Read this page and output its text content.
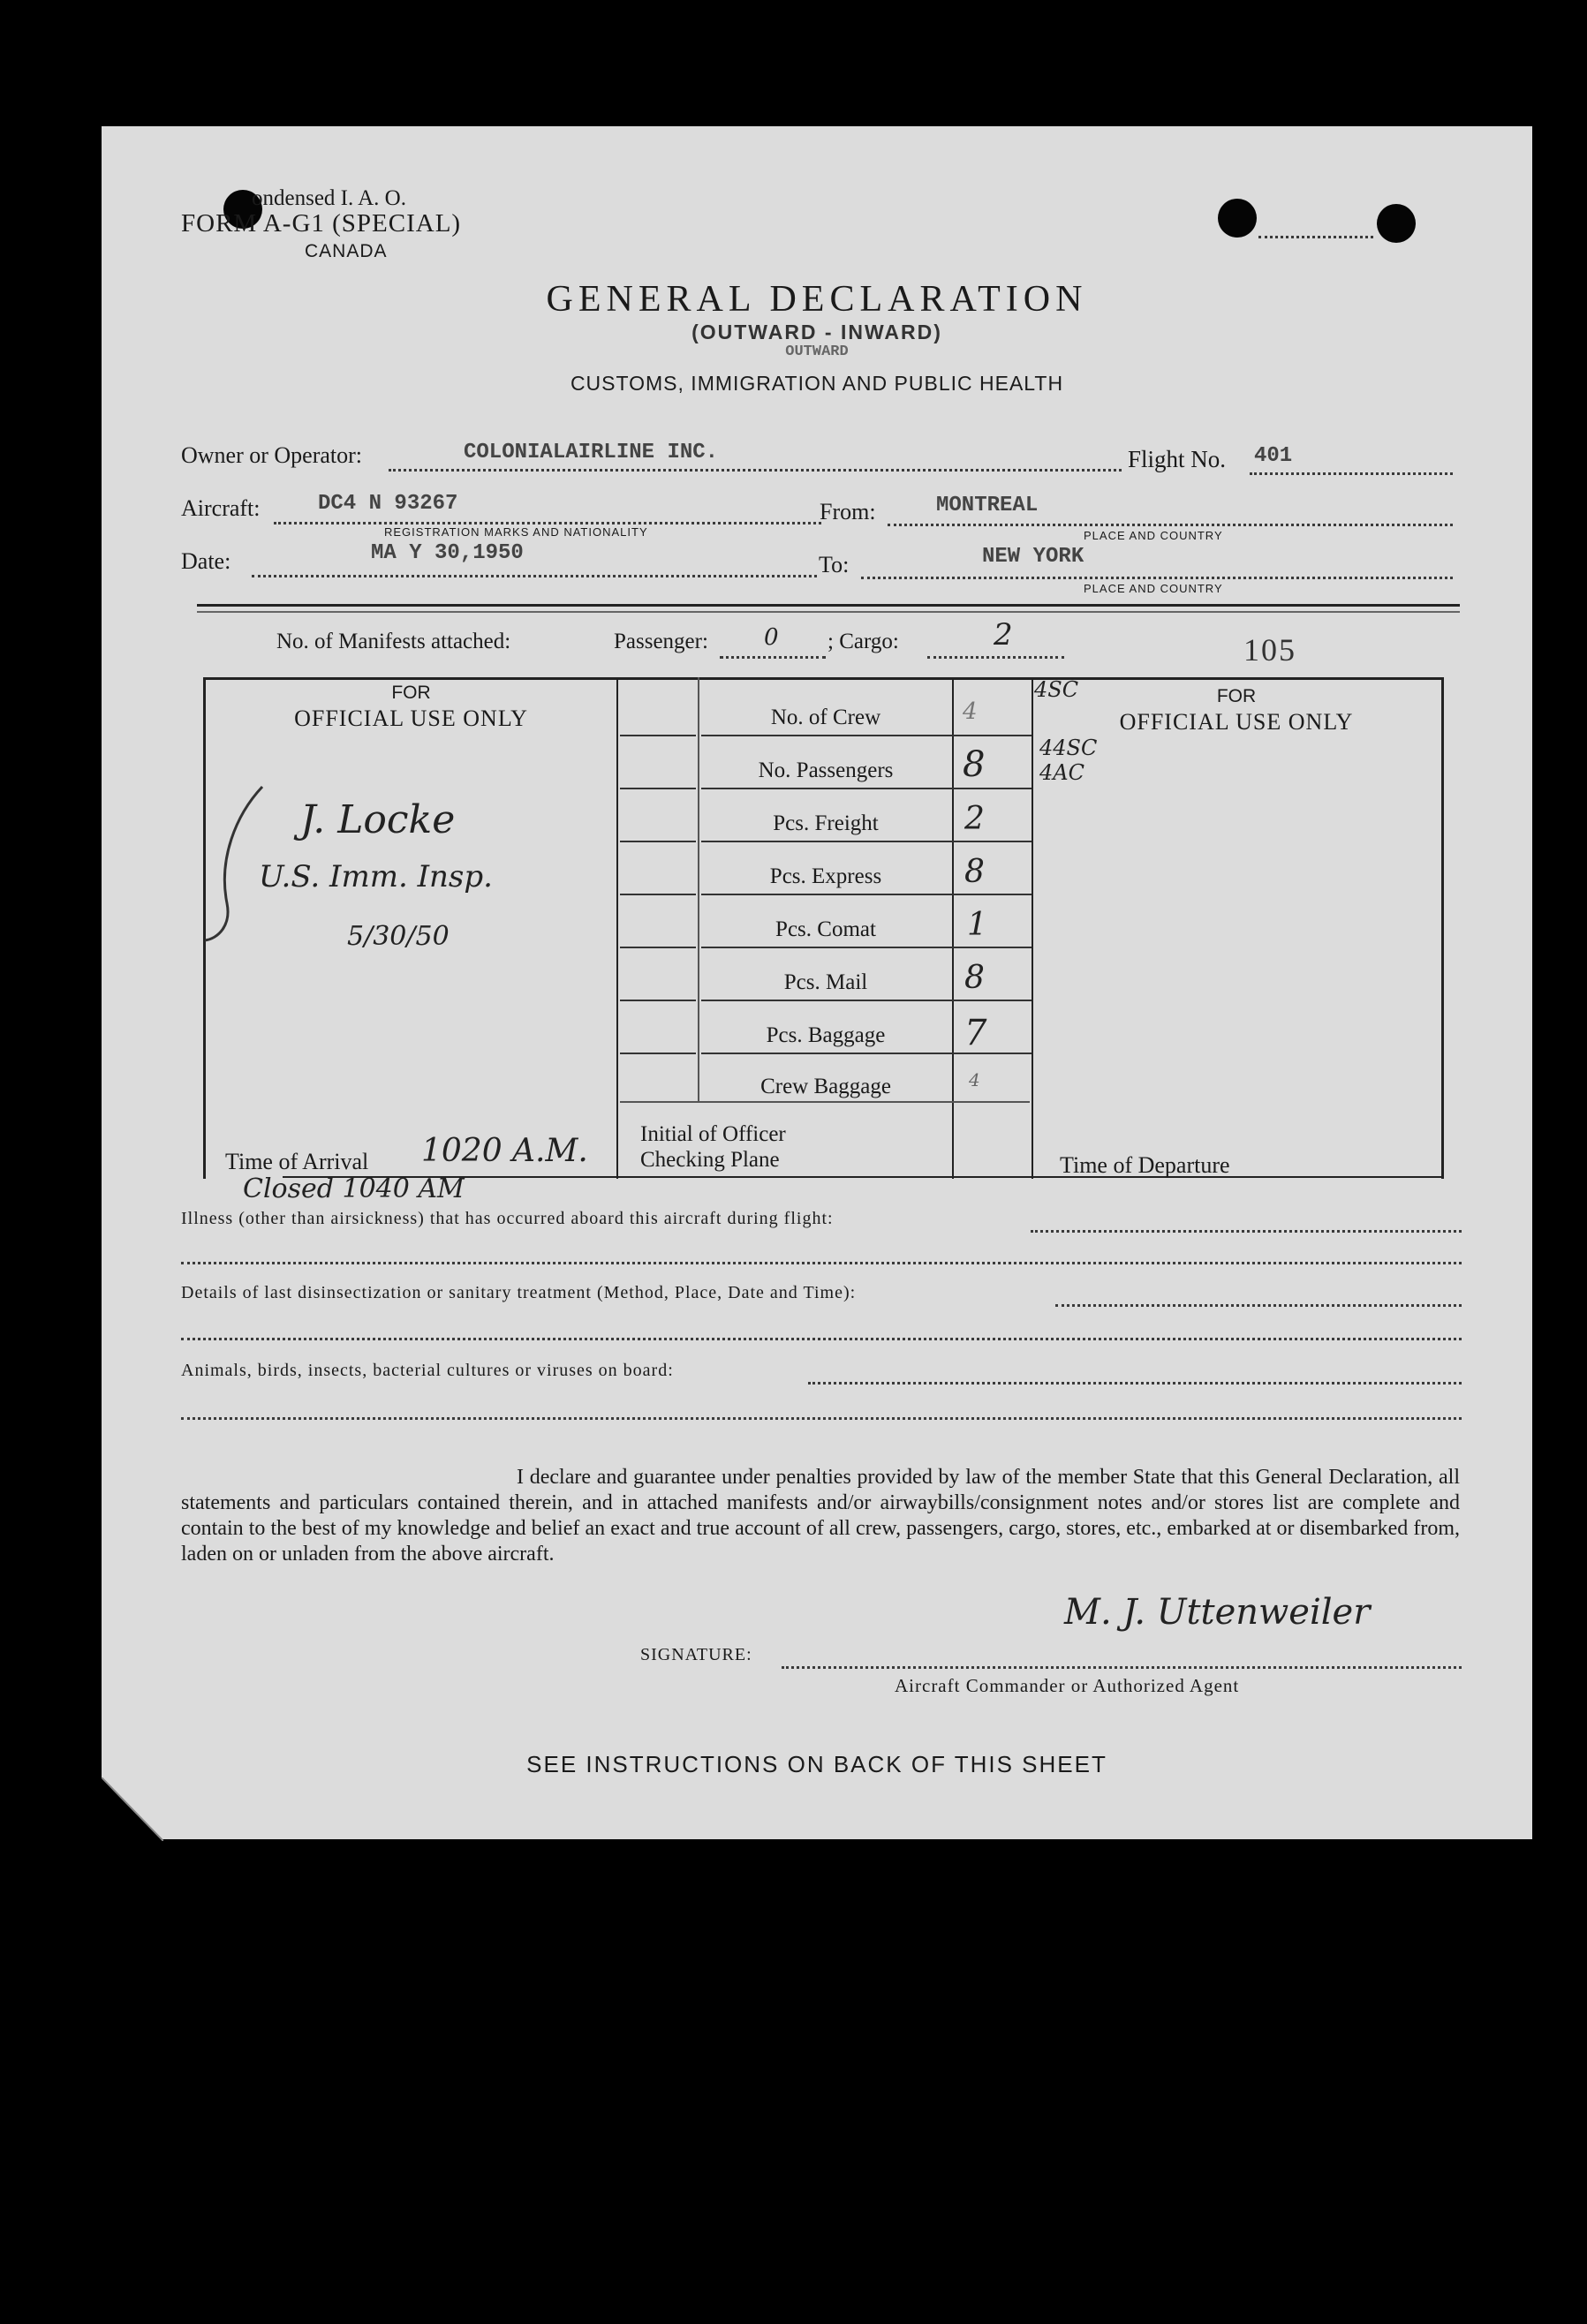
ondensed I. A. O.
FORM A-G1 (SPECIAL)
CANADA
GENERAL DECLARATION
(OUTWARD - INWARD)
OUTWARD
CUSTOMS, IMMIGRATION AND PUBLIC HEALTH
Owner or Operator:	COLONIALAIRLINE INC.	Flight No. 401
Aircraft:	DC4 N 93267
REGISTRATION MARKS AND NATIONALITY
From:	MONTREAL
PLACE AND COUNTRY
Date:	MA Y 30,1950	To:	NEW YORK
PLACE AND COUNTRY
No. of Manifests attached:	Passenger: 0 ; Cargo:	2	105
FOR
OFFICIAL USE ONLY
FOR
OFFICIAL USE ONLY
No. of Crew	4
No. Passengers	8
Pcs. Freight	2
Pcs. Express	8
Pcs. Comat	1
Pcs. Mail	8
Pcs. Baggage	7
Crew Baggage	4
4SC
44SC
4AC
J. Locke
U.S. Imm. Insp.
5/30/50
Time of Arrival 1020 A.M. Initial of Officer
Checking Plane	Time of Departure
Closed 1040 AM
Illness (other than airsickness) that has occurred aboard this aircraft during flight:
Details of last disinsectization or sanitary treatment (Method, Place, Date and Time):
Animals, birds, insects, bacterial cultures or viruses on board:
I declare and guarantee under penalties provided by law of the member State that this General Declaration, all statements and particulars contained therein, and in attached manifests and/or airwaybills/consignment notes and/or stores list are complete and contain to the best of my knowledge and belief an exact and true account of all crew, passengers, cargo, stores, etc., embarked at or disembarked from, laden on or unladen from the above aircraft.
SIGNATURE:
M. J. Uttenweiler
Aircraft Commander or Authorized Agent
SEE INSTRUCTIONS ON BACK OF THIS SHEET
